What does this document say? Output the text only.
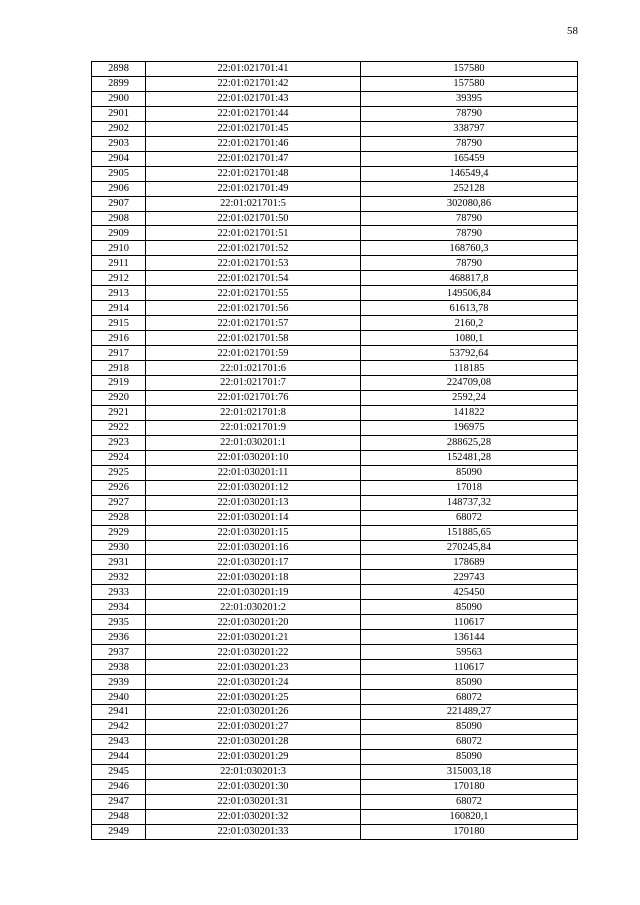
58
2898	22:01:021701:41	157580
2899	22:01:021701:42	157580
2900	22:01:021701:43	39395
2901	22:01:021701:44	78790
2902	22:01:021701:45	338797
2903	22:01:021701:46	78790
2904	22:01:021701:47	165459
2905	22:01:021701:48	146549,4
2906	22:01:021701:49	252128
2907	22:01:021701:5	302080,86
2908	22:01:021701:50	78790
2909	22:01:021701:51	78790
2910	22:01:021701:52	168760,3
2911	22:01:021701:53	78790
2912	22:01:021701:54	468817,8
2913	22:01:021701:55	149506,84
2914	22:01:021701:56	61613,78
2915	22:01:021701:57	2160,2
2916	22:01:021701:58	1080,1
2917	22:01:021701:59	53792,64
2918	22:01:021701:6	118185
2919	22:01:021701:7	224709,08
2920	22:01:021701:76	2592,24
2921	22:01:021701:8	141822
2922	22:01:021701:9	196975
2923	22:01:030201:1	288625,28
2924	22:01:030201:10	152481,28
2925	22:01:030201:11	85090
2926	22:01:030201:12	17018
2927	22:01:030201:13	148737,32
2928	22:01:030201:14	68072
2929	22:01:030201:15	151885,65
2930	22:01:030201:16	270245,84
2931	22:01:030201:17	178689
2932	22:01:030201:18	229743
2933	22:01:030201:19	425450
2934	22:01:030201:2	85090
2935	22:01:030201:20	110617
2936	22:01:030201:21	136144
2937	22:01:030201:22	59563
2938	22:01:030201:23	110617
2939	22:01:030201:24	85090
2940	22:01:030201:25	68072
2941	22:01:030201:26	221489,27
2942	22:01:030201:27	85090
2943	22:01:030201:28	68072
2944	22:01:030201:29	85090
2945	22:01:030201:3	315003,18
2946	22:01:030201:30	170180
2947	22:01:030201:31	68072
2948	22:01:030201:32	160820,1
2949	22:01:030201:33	170180
